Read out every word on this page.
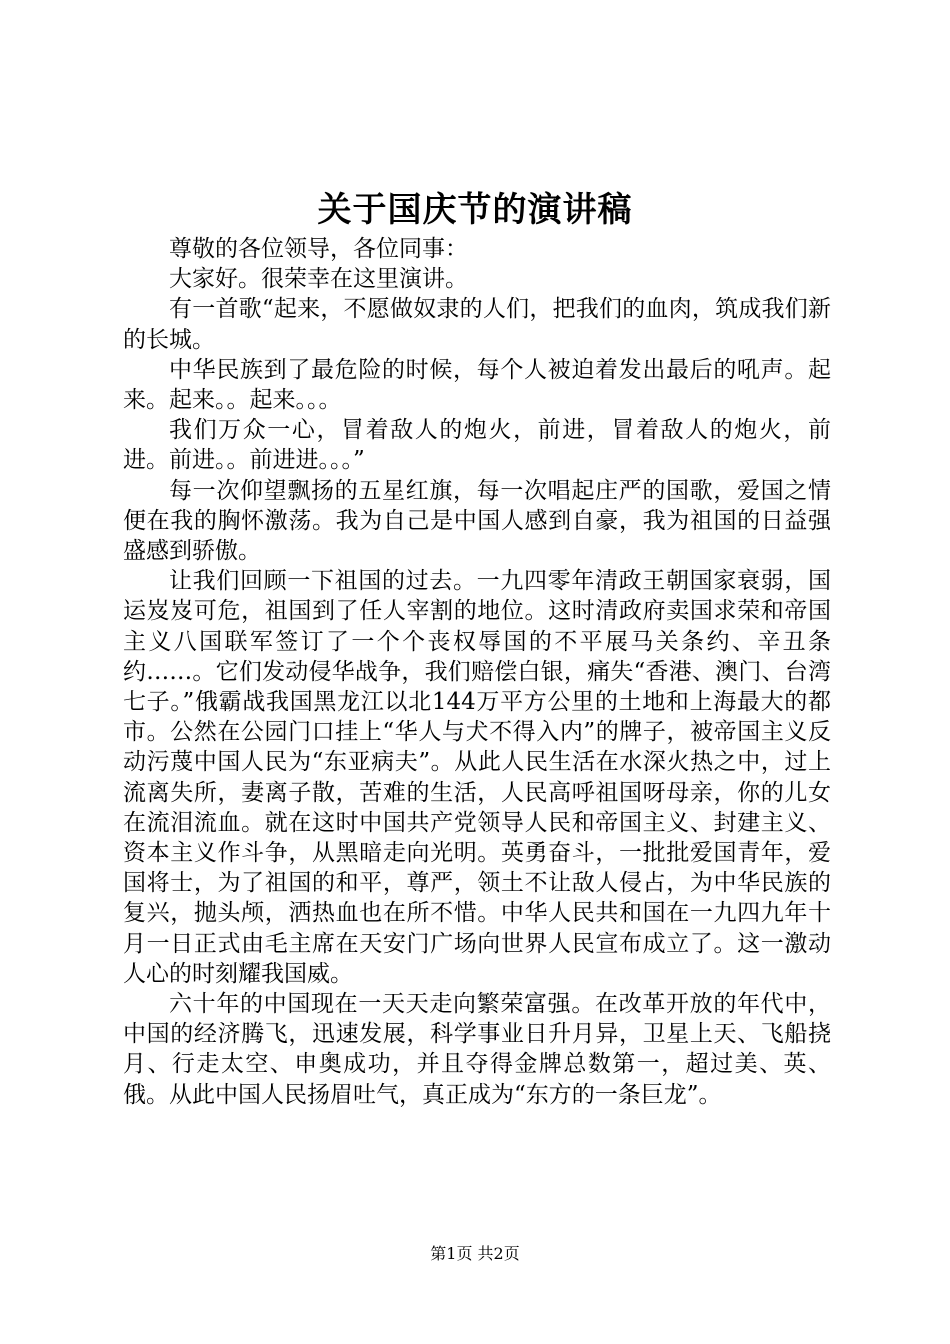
关于国庆节的演讲稿

尊敬的各位领导，各位同事：

大家好。很荣幸在这里演讲。

有一首歌“起来，不愿做奴隶的人们，把我们的血肉，筑成我们新的长城。

中华民族到了最危险的时候，每个人被迫着发出最后的吼声。起来。起来。。起来。。。

我们万众一心，冒着敌人的炮火，前进，冒着敌人的炮火，前进。前进。。前进进。。。”

每一次仰望飘扬的五星红旗，每一次唱起庄严的国歌，爱国之情便在我的胸怀激荡。我为自己是中国人感到自豪，我为祖国的日益强盛感到骄傲。

让我们回顾一下祖国的过去。一九四零年清政王朝国家衰弱，国运岌岌可危，祖国到了任人宰割的地位。这时清政府卖国求荣和帝国主义八国联军签订了一个个丧权辱国的不平展马关条约、辛丑条约……。它们发动侵华战争，我们赔偿白银，痛失“香港、澳门、台湾七子。”俄霸战我国黑龙江以北144万平方公里的土地和上海最大的都市。公然在公园门口挂上“华人与犬不得入内”的牌子，被帝国主义反动污蔑中国人民为“东亚病夫”。从此人民生活在水深火热之中，过上流离失所，妻离子散，苦难的生活，人民高呼祖国呀母亲，你的儿女在流泪流血。就在这时中国共产党领导人民和帝国主义、封建主义、资本主义作斗争，从黑暗走向光明。英勇奋斗，一批批爱国青年，爱国将士，为了祖国的和平，尊严，领土不让敌人侵占，为中华民族的复兴，抛头颅，洒热血也在所不惜。中华人民共和国在一九四九年十月一日正式由毛主席在天安门广场向世界人民宣布成立了。这一激动人心的时刻耀我国威。

六十年的中国现在一天天走向繁荣富强。在改革开放的年代中，中国的经济腾飞，迅速发展，科学事业日升月异，卫星上天、飞船挠月、行走太空、申奥成功，并且夺得金牌总数第一，超过美、英、俄。从此中国人民扬眉吐气，真正成为“东方的一条巨龙”。

第1页 共2页
